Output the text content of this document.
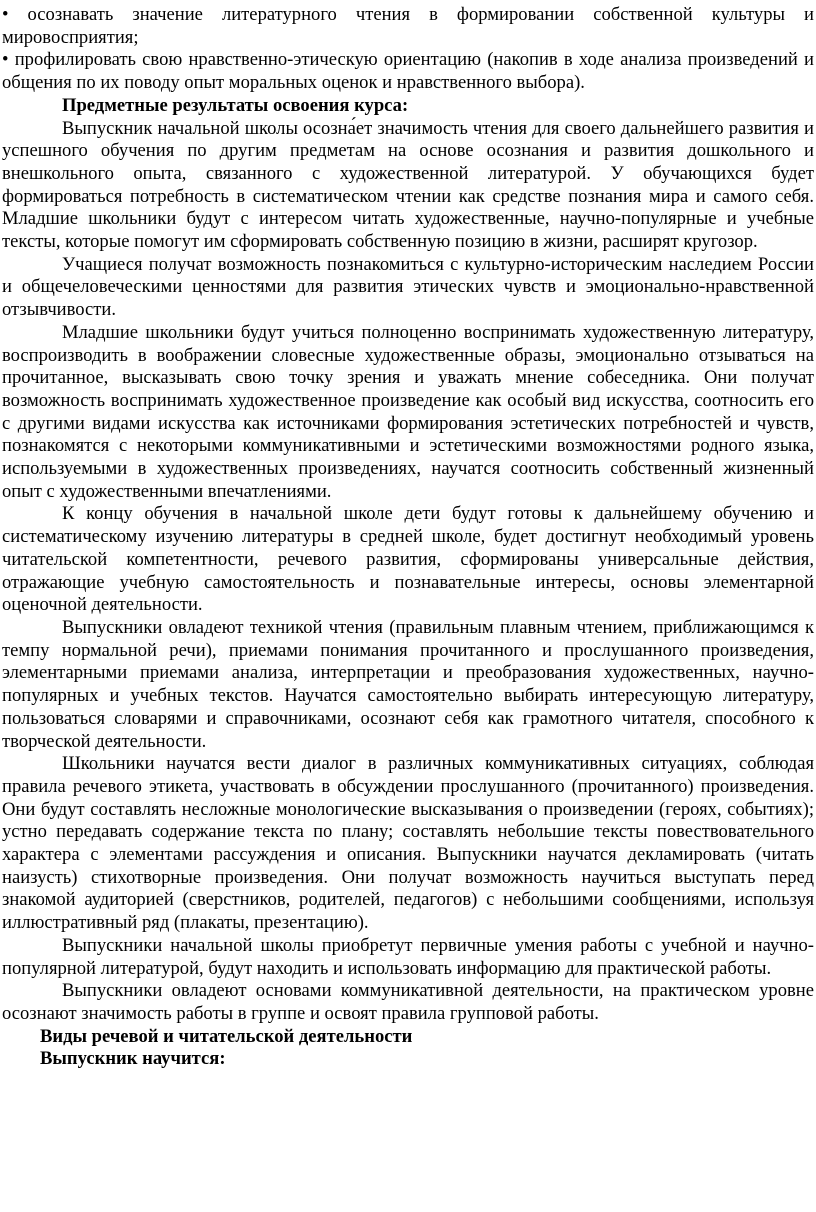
• осознавать значение литературного чтения в формировании собственной культуры и мировосприятия;

• профилировать свою нравственно-этическую ориентацию (накопив в ходе анализа произведений и общения по их поводу опыт моральных оценок и нравственного выбора).

Предметные результаты освоения курса:

Выпускник начальной школы осозна́ет значимость чтения для своего дальнейшего развития и успешного обучения по другим предметам на основе осознания и развития дошкольного и внешкольного опыта, связанного с художественной литературой. У обучающихся будет формироваться потребность в систематическом чтении как средстве познания мира и самого себя. Младшие школьники будут с интересом читать художественные, научно-популярные и учебные тексты, которые помогут им сформировать собственную позицию в жизни, расширят кругозор.

Учащиеся получат возможность познакомиться с культурно-историческим наследием России и общечеловеческими ценностями для развития этических чувств и эмоционально-нравственной отзывчивости.

Младшие школьники будут учиться полноценно воспринимать художественную литературу, воспроизводить в воображении словесные художественные образы, эмоционально отзываться на прочитанное, высказывать свою точку зрения и уважать мнение собеседника. Они получат возможность воспринимать художественное произведение как особый вид искусства, соотносить его с другими видами искусства как источниками формирования эстетических потребностей и чувств, познакомятся с некоторыми коммуникативными и эстетическими возможностями родного языка, используемыми в художественных произведениях, научатся соотносить собственный жизненный опыт с художественными впечатлениями.

К концу обучения в начальной школе дети будут готовы к дальнейшему обучению и систематическому изучению литературы в средней школе, будет достигнут необходимый уровень читательской компетентности, речевого развития, сформированы универсальные действия, отражающие учебную самостоятельность и познавательные интересы, основы элементарной оценочной деятельности.

Выпускники овладеют техникой чтения (правильным плавным чтением, приближающимся к темпу нормальной речи), приемами понимания прочитанного и прослушанного произведения, элементарными приемами анализа, интерпретации и преобразования художественных, научно-популярных и учебных текстов. Научатся самостоятельно выбирать интересующую литературу, пользоваться словарями и справочниками, осознают себя как грамотного читателя, способного к творческой деятельности.

Школьники научатся вести диалог в различных коммуникативных ситуациях, соблюдая правила речевого этикета, участвовать в обсуждении прослушанного (прочитанного) произведения. Они будут составлять несложные монологические высказывания о произведении (героях, событиях); устно передавать содержание текста по плану; составлять небольшие тексты повествовательного характера с элементами рассуждения и описания. Выпускники научатся декламировать (читать наизусть) стихотворные произведения. Они получат возможность научиться выступать перед знакомой аудиторией (сверстников, родителей, педагогов) с небольшими сообщениями, используя иллюстративный ряд (плакаты, презентацию).

Выпускники начальной школы приобретут первичные умения работы с учебной и научно-популярной литературой, будут находить и использовать информацию для практической работы.

Выпускники овладеют основами коммуникативной деятельности, на практическом уровне осознают значимость работы в группе и освоят правила групповой работы.

Виды речевой и читательской деятельности

Выпускник научится:
